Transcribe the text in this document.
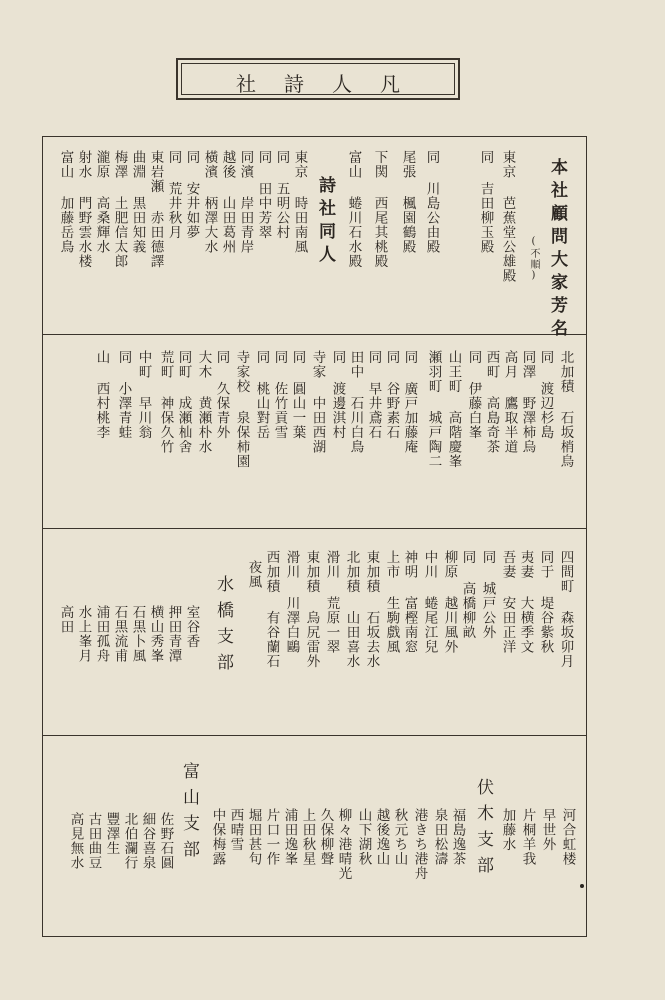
凡人詩社
本社顧問大家芳名
(不順)
東京 芭蕉堂公雄殿
同 吉田柳玉殿
同 川島公由殿
尾張 楓園鶴殿
下関 西尾其桃殿
富山 蜷川石水殿
詩社同人
東京 時田南風
同 五明公村
同 田中芳翠
同濱 岸田青岸
越後 山田葛州
橫濱 柄澤大水
同 安井如夢
同 荒井秋月
東岩瀬 赤田德譯
曲淵 黒田知義
梅澤 土肥信太郎
瀧原 高桑輝水
射水 門野雲水楼
富山 加藤岳鳥
北加積 石坂梢烏
同 渡辺杉島
同澤 野澤柿烏
高月 鷹取半道
西町 高島奇茶
同 伊藤白峯
山王町 高階慶峯
瀬羽町 城戸陶二
同 廣戸加藤庵
同 谷野素石
同 早井鳶石
田中 石川白鳥
同 渡邊淇村
寺家 中田西湖
同 圓山一葉
同 佐竹貢雪
同 桃山對岳
寺家校 泉保柿園
同 久保青外
大木 黄瀬朴水
同町 成瀬杣舍
荒町 神保久竹
中町 早川翁
同 小澤青蛙
山 西村桃李
四間町 森坂卯月
同于 堤谷紫秋
夷妻 大横季文
吾妻 安田正洋
同 城戸公外
同 高橋柳畝
柳原 越川風外
中川 蜷尾江兒
神明 富樫南窓
上市 生駒戲風
東加積 石坂去水
北加積 山田喜水
滑川 荒原一翠
東加積 烏尻雷外
滑川 川澤白鷗
西加積 有谷蘭石
夜風
水橋支部
室谷香
押田青潭
横山秀峯
石黒卜風
石黒流甫
浦田孤舟
水上峯月
高田
河合虹楼
早世外
片桐羊我
加藤水
伏木支部
福島逸茶
泉田松濤
港きち港舟
秋元ち山
越後逸山
山下湖秋
柳々港晴光
久保柳聲
上田秋星
浦田逸峯
片口一作
堀田甚句
西晴雪
中保梅露
富山支部
佐野石圓
細谷喜泉
北伯瀾行
豐澤生
古田曲豆
高見無水
